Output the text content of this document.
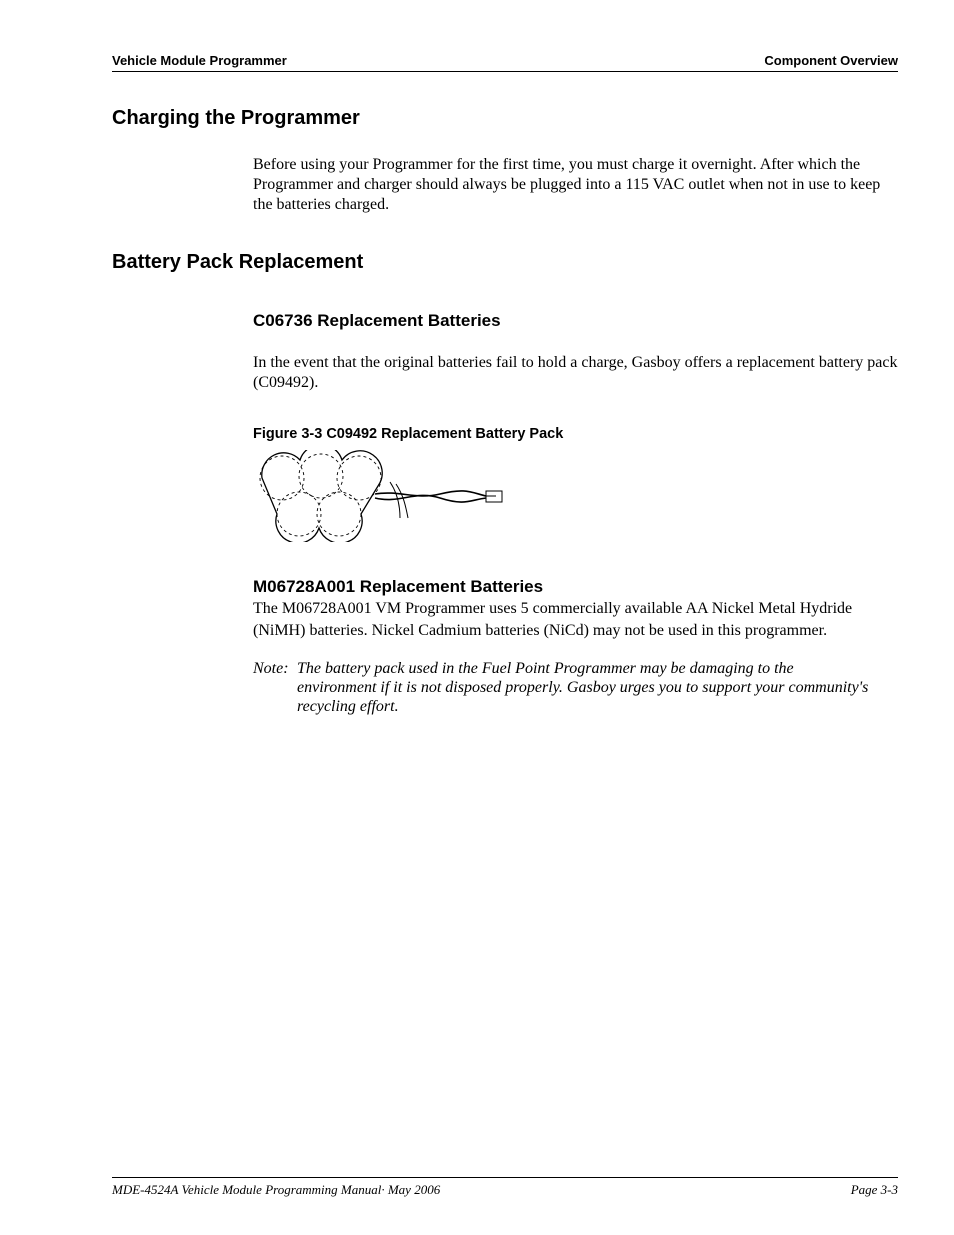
Vehicle Module Programmer	Component Overview
Charging the Programmer

Before using your Programmer for the first time, you must charge it overnight. After which the Programmer and charger should always be plugged into a 115 VAC outlet when not in use to keep the batteries charged.

Battery Pack Replacement
C06736 Replacement Batteries

In the event that the original batteries fail to hold a charge, Gasboy offers a replacement battery pack (C09492).

Figure 3-3 C09492 Replacement Battery Pack
M06728A001 Replacement Batteries

The M06728A001 VM Programmer uses 5 commercially available AA Nickel Metal Hydride (NiMH) batteries. Nickel Cadmium batteries (NiCd) may not be used in this programmer.

Note: The battery pack used in the Fuel Point Programmer may be damaging to the environment if it is not disposed properly. Gasboy urges you to support your community's recycling effort.
MDE-4524A Vehicle Module Programming Manual· May 2006	Page 3-3
